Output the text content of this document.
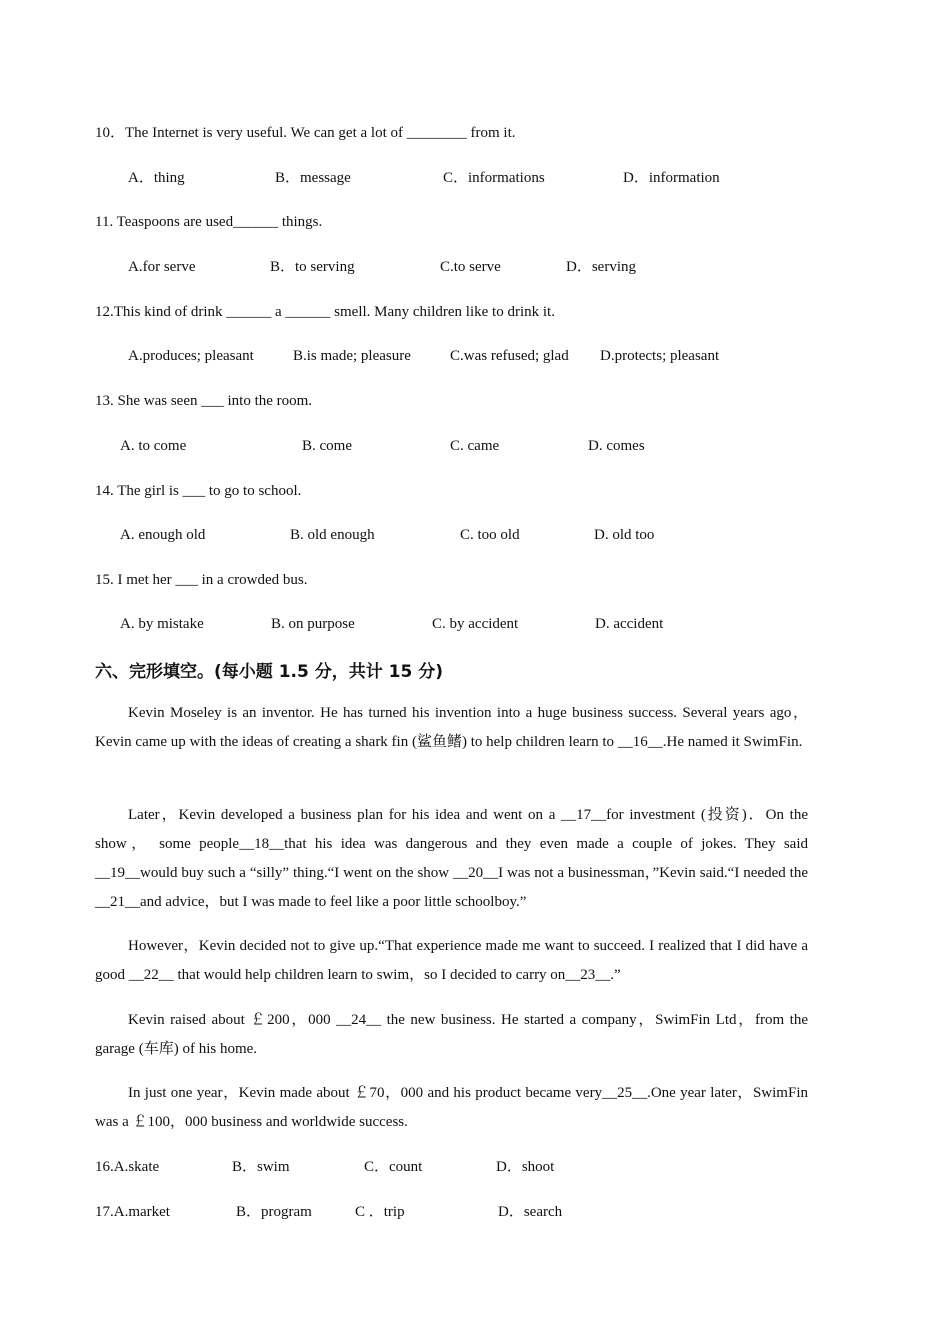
10．The Internet is very useful. We can get a lot of ________ from it.
A．thing	B．message	C．informations	D．information
11. Teaspoons are used______ things.
A.for serve	B．to serving	C.to serve	D．serving
12.This kind of drink ______ a ______ smell. Many children like to drink it.
A.produces; pleasant	B.is made; pleasure	C.was refused; glad D.protects; pleasant
13. She was seen ___ into the room.
A. to come	B. come	C. came	D. comes
14. The girl is ___ to go to school.
A. enough old	B. old enough	C. too old	D. old too
15. I met her ___ in a crowded bus.
A. by mistake	B. on purpose	C. by accident	D. accident
六、完形填空。(每小题 1.5 分，共计 15 分)
Kevin Moseley is an inventor. He has turned his invention into a huge business success. Several years ago， Kevin came up with the ideas of creating a shark fin (鲨鱼鳍) to help children learn to __16__.He named it SwimFin.
Later，Kevin developed a business plan for his idea and went on a __17__for investment (投资)．On the show， some people__18__that his idea was dangerous and they even made a couple of jokes. They said __19__would buy such a “silly” thing.“I went on the show __20__I was not a businessman，”Kevin said.“I needed the __21__and advice，but I was made to feel like a poor little schoolboy.”
However，Kevin decided not to give up.“That experience made me want to succeed. I realized that I did have a good __22__ that would help children learn to swim，so I decided to carry on__23__.”
Kevin raised about ￡200，000 __24__ the new business. He started a company，SwimFin Ltd，from the garage (车库) of his home.
In just one year，Kevin made about ￡70，000 and his product became very__25__.One year later，SwimFin was a ￡100，000 business and worldwide success.
16.A.skate	B．swim	C．count	D．shoot
17.A.market	B．program	C ．trip	D．search
